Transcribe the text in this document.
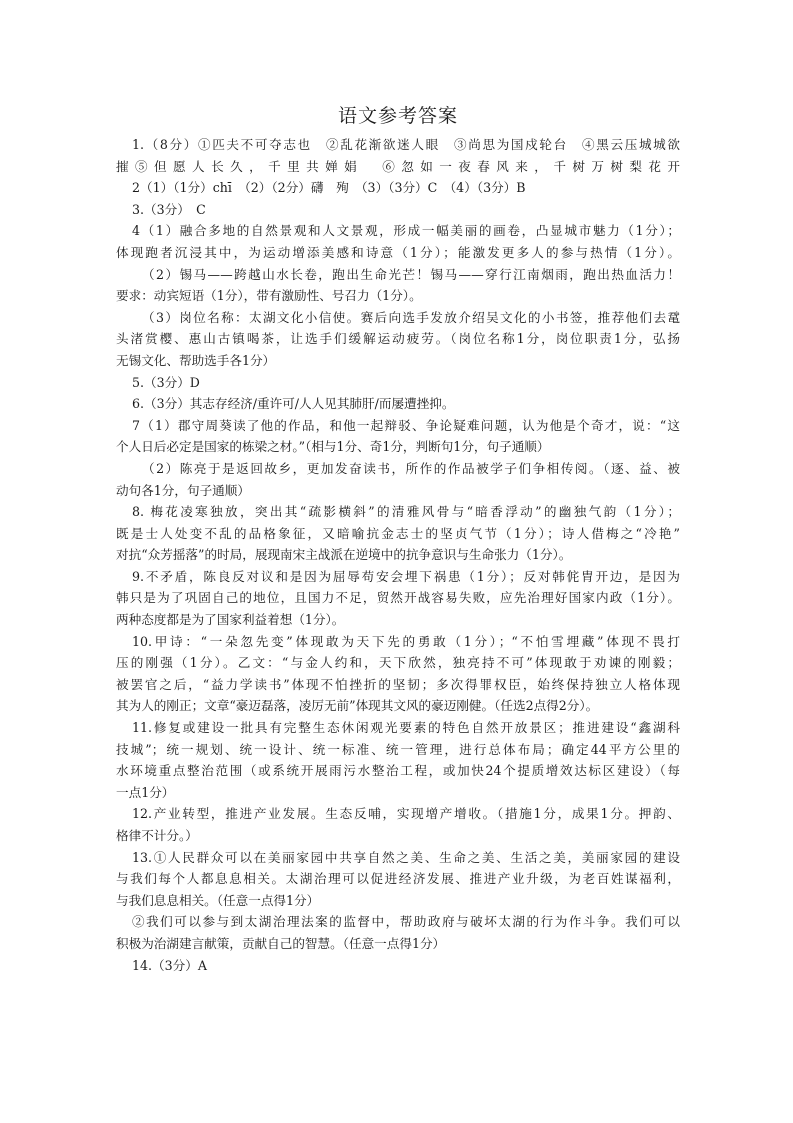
语文参考答案
1.（8分）①匹夫不可夺志也　②乱花渐欲迷人眼　③尚思为国戍轮台　④黑云压城城欲
摧⑤但愿人长久，千里共婵娟　⑥忽如一夜春风来，千树万树梨花开
2（1）（1分）chī　（2）（2分）礴　殉　（3）（3分）C　（4）（3分）B
3.（3分）　C
4（1）融合多地的自然景观和人文景观，形成一幅美丽的画卷，凸显城市魅力（1分）；
体现跑者沉浸其中，为运动增添美感和诗意（1分）；能激发更多人的参与热情（1分）。
（2）锡马——跨越山水长卷，跑出生命光芒！锡马——穿行江南烟雨，跑出热血活力！
要求：动宾短语（1分），带有激励性、号召力（1分）。
（3）岗位名称：太湖文化小信使。赛后向选手发放介绍吴文化的小书签，推荐他们去鼋
头渚赏樱、惠山古镇喝茶，让选手们缓解运动疲劳。（岗位名称1分，岗位职责1分，弘扬
无锡文化、帮助选手各1分）
5.（3分）D
6.（3分）其志存经济/重许可/人人见其肺肝/而屡遭挫抑。
7（1）郡守周葵读了他的作品，和他一起辩驳、争论疑难问题，认为他是个奇才，说：“这
个人日后必定是国家的栋梁之材。”（相与1分、奇1分，判断句1分，句子通顺）
（2）陈亮于是返回故乡，更加发奋读书，所作的作品被学子们争相传阅。（逐、益、被
动句各1分，句子通顺）
8. 梅花凌寒独放，突出其“疏影横斜”的清雅风骨与“暗香浮动”的幽独气韵（1分）；
既是士人处变不乱的品格象征，又暗喻抗金志士的坚贞气节（1分）；诗人借梅之“冷艳”
对抗“众芳摇落”的时局，展现南宋主战派在逆境中的抗争意识与生命张力（1分）。
9.不矛盾，陈良反对议和是因为屈辱苟安会埋下祸患（1分）；反对韩侂胄开边，是因为
韩只是为了巩固自己的地位，且国力不足，贸然开战容易失败，应先治理好国家内政（1分）。
两种态度都是为了国家利益着想（1分）。
10.甲诗：“一朵忽先变”体现敢为天下先的勇敢（1分）；“不怕雪埋藏”体现不畏打
压的刚强（1分）。乙文：“与金人约和，天下欣然，独亮持不可”体现敢于劝谏的刚毅；
被罢官之后，“益力学读书”体现不怕挫折的坚韧；多次得罪权臣，始终保持独立人格体现
其为人的刚正；文章“豪迈磊落，凌厉无前”体现其文风的豪迈刚健。（任选2点得2分）。
11.修复或建设一批具有完整生态休闲观光要素的特色自然开放景区；推进建设“鑫湖科
技城”；统一规划、统一设计、统一标准、统一管理，进行总体布局；确定44平方公里的
水环境重点整治范围（或系统开展雨污水整治工程，或加快24个提质增效达标区建设）（每
一点1分）
12.产业转型，推进产业发展。生态反哺，实现增产增收。（措施1分，成果1分。押韵、
格律不计分。）
13.①人民群众可以在美丽家园中共享自然之美、生命之美、生活之美，美丽家园的建设
与我们每个人都息息相关。太湖治理可以促进经济发展、推进产业升级，为老百姓谋福利，
与我们息息相关。（任意一点得1分）
②我们可以参与到太湖治理法案的监督中，帮助政府与破坏太湖的行为作斗争。我们可以
积极为治湖建言献策，贡献自己的智慧。（任意一点得1分）
14.（3分）A
